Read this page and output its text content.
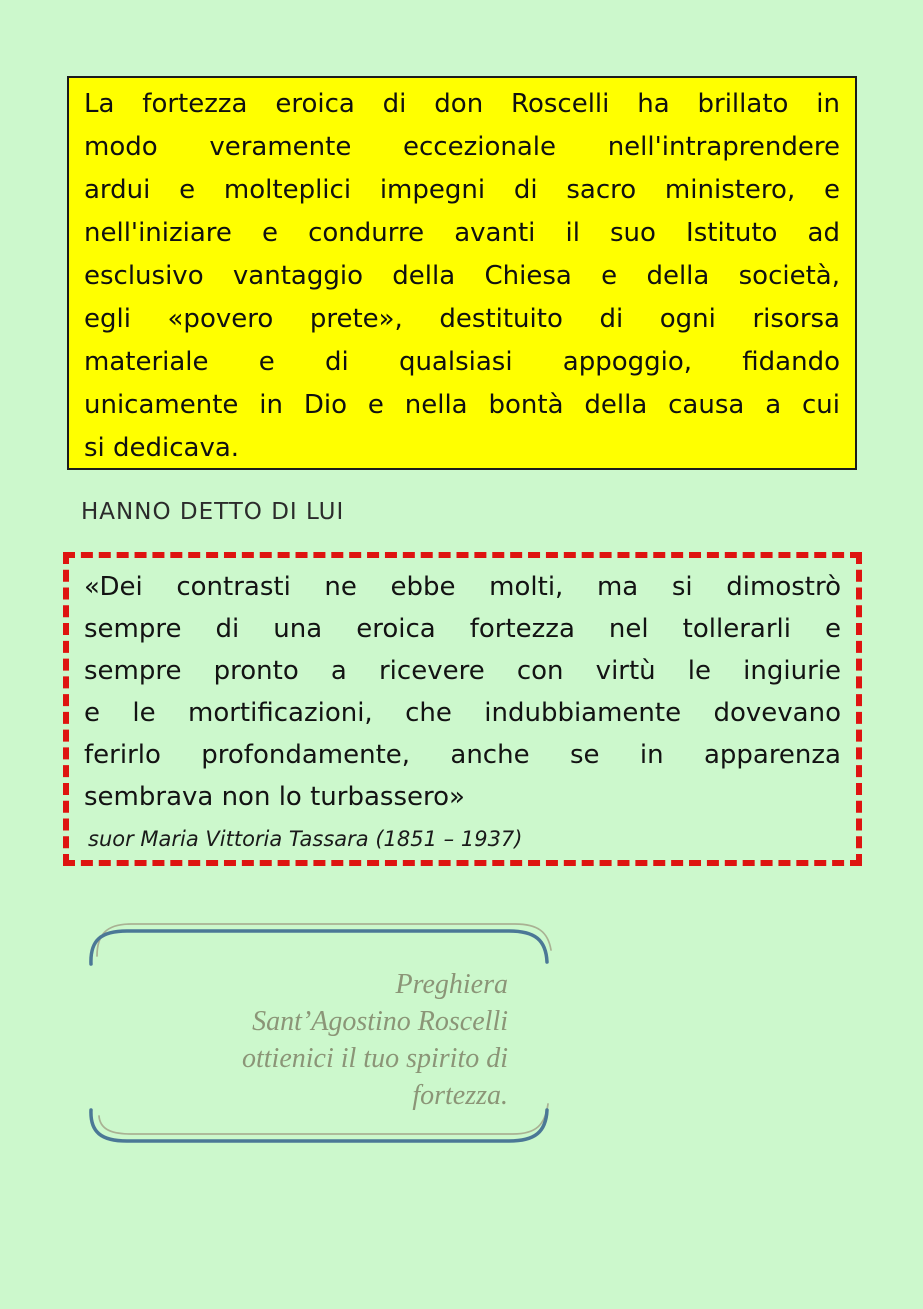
La fortezza eroica di don Roscelli ha brillato in
modo veramente eccezionale nell'intraprendere
ardui e molteplici impegni di sacro ministero, e
nell'iniziare e condurre avanti il suo Istituto ad
esclusivo vantaggio della Chiesa e della società,
egli «povero prete», destituito di ogni risorsa
materiale e di qualsiasi appoggio, fidando
unicamente in Dio e nella bontà della causa a cui
si dedicava.
HANNO DETTO DI LUI
«Dei contrasti ne ebbe molti, ma si dimostrò
sempre di una eroica fortezza nel tollerarli e
sempre pronto a ricevere con virtù le ingiurie
e le mortificazioni, che indubbiamente dovevano
ferirlo profondamente, anche se in apparenza
sembrava non lo turbassero»
suor Maria Vittoria Tassara (1851 – 1937)
Preghiera
Sant’Agostino Roscelli
ottienici il tuo spirito di
fortezza.
